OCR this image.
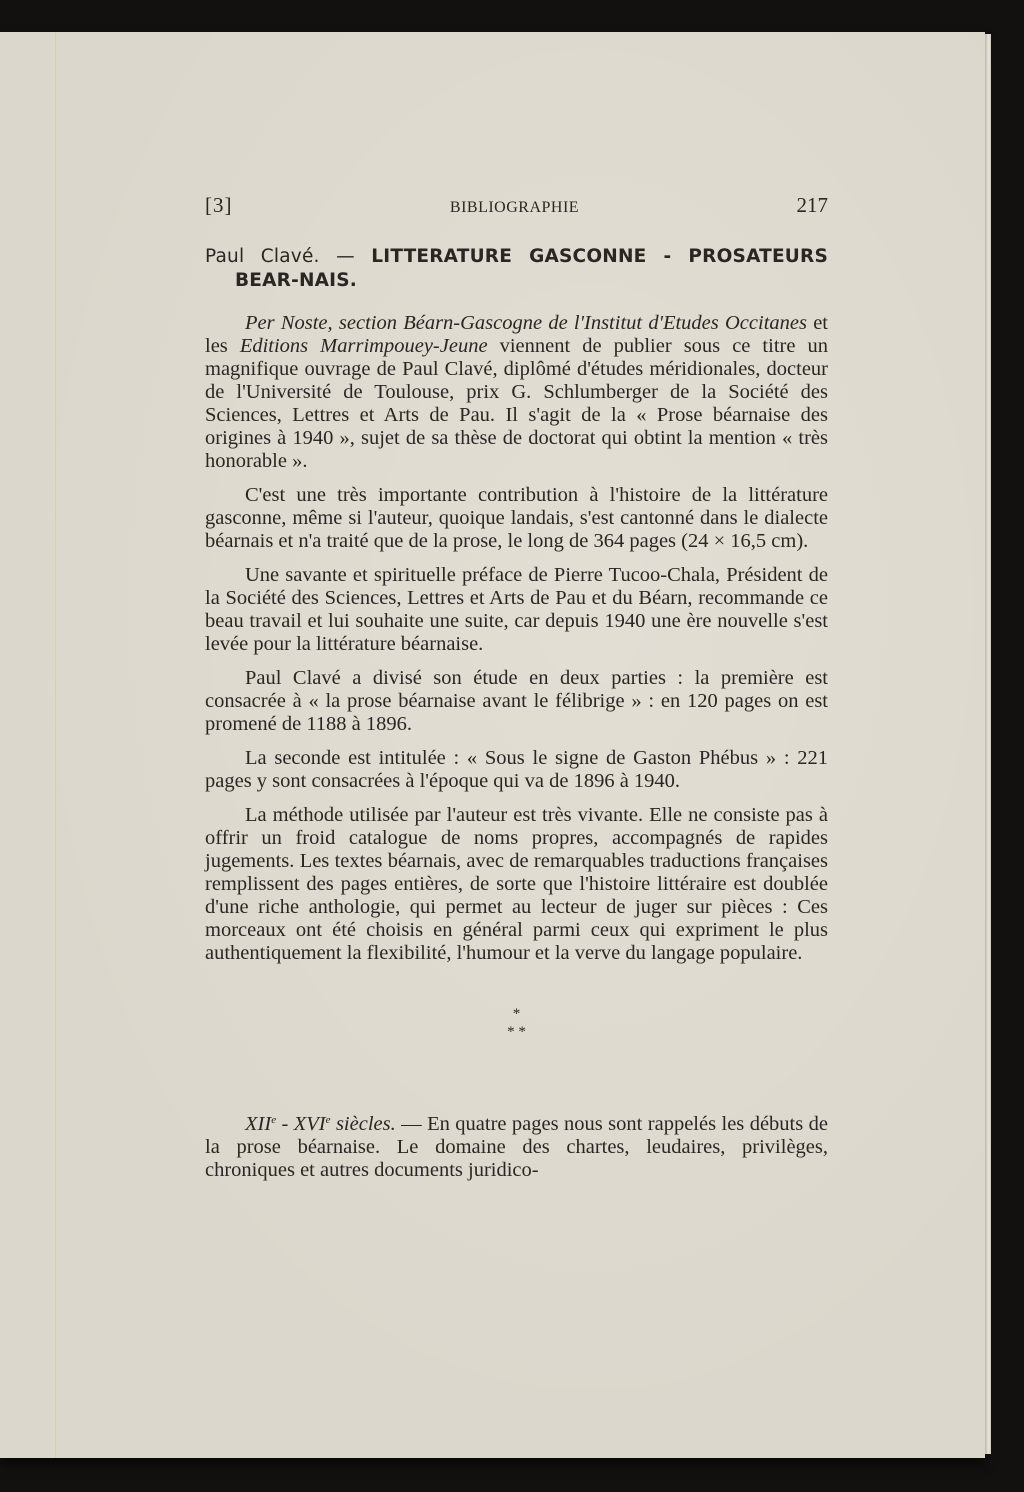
[3]	BIBLIOGRAPHIE	217
Paul Clavé. — LITTERATURE GASCONNE - PROSATEURS BEAR-NAIS.

Per Noste, section Béarn-Gascogne de l'Institut d'Etudes Occitanes et les Editions Marrimpouey-Jeune viennent de publier sous ce titre un magnifique ouvrage de Paul Clavé, diplômé d'études méridionales, docteur de l'Université de Toulouse, prix G. Schlumberger de la Société des Sciences, Lettres et Arts de Pau. Il s'agit de la « Prose béarnaise des origines à 1940 », sujet de sa thèse de doctorat qui obtint la mention « très honorable ».

C'est une très importante contribution à l'histoire de la littérature gasconne, même si l'auteur, quoique landais, s'est cantonné dans le dialecte béarnais et n'a traité que de la prose, le long de 364 pages (24 × 16,5 cm).

Une savante et spirituelle préface de Pierre Tucoo-Chala, Président de la Société des Sciences, Lettres et Arts de Pau et du Béarn, recommande ce beau travail et lui souhaite une suite, car depuis 1940 une ère nouvelle s'est levée pour la littérature béarnaise.

Paul Clavé a divisé son étude en deux parties : la première est consacrée à « la prose béarnaise avant le félibrige » : en 120 pages on est promené de 1188 à 1896.

La seconde est intitulée : « Sous le signe de Gaston Phébus » : 221 pages y sont consacrées à l'époque qui va de 1896 à 1940.

La méthode utilisée par l'auteur est très vivante. Elle ne consiste pas à offrir un froid catalogue de noms propres, accompagnés de rapides jugements. Les textes béarnais, avec de remarquables traductions françaises remplissent des pages entières, de sorte que l'histoire littéraire est doublée d'une riche anthologie, qui permet au lecteur de juger sur pièces : Ces morceaux ont été choisis en général parmi ceux qui expriment le plus authentiquement la flexibilité, l'humour et la verve du langage populaire.

*
* *

XIIe - XVIe siècles. — En quatre pages nous sont rappelés les débuts de la prose béarnaise. Le domaine des chartes, leudaires, privilèges, chroniques et autres documents juridico-
